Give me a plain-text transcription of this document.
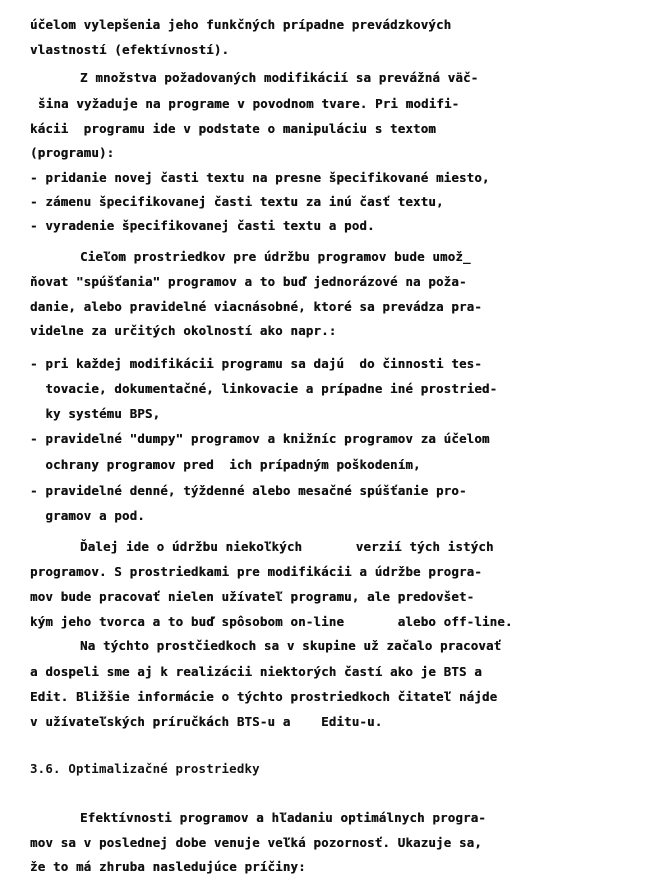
účelom vylepšenia jeho funkčných prípadne prevádzkových
vlastností (efektívností).
Z množstva požadovaných modifikácií sa prevážná väč-
šina vyžaduje na programe v povodnom tvare. Pri modifi-
kácii  programu ide v podstate o manipuláciu s textom
(programu):
- pridanie novej časti textu na presne špecifikované miesto,
- zámenu špecifikovanej časti textu za inú časť textu,
- vyradenie špecifikovanej časti textu a pod.
Cieľom prostriedkov pre údržbu programov bude umož_
ňovat "spúšťania" programov a to buď jednorázové na poža-
danie, alebo pravidelné viacnásobné, ktoré sa prevádza pra-
videlne za určitých okolností ako napr.:
- pri každej modifikácii programu sa dajú  do činnosti tes-
tovacie, dokumentačné, linkovacie a prípadne iné prostried-
ky systému BPS,
- pravidelné "dumpy" programov a knižníc programov za účelom
ochrany programov pred  ich prípadným poškodením,
- pravidelné denné, týždenné alebo mesačné spúšťanie pro-
gramov a pod.
Ďalej ide o údržbu niekoľkých       verzií tých istých
programov. S prostriedkami pre modifikácii a údržbe progra-
mov bude pracovať nielen užívateľ programu, ale predovšet-
kým jeho tvorca a to buď spôsobom on-line       alebo off-line.
Na týchto prostčiedkoch sa v skupine už začalo pracovať
a dospeli sme aj k realizácii niektorých častí ako je BTS a
Edit. Bližšie informácie o týchto prostriedkoch čitateľ nájde
v užívateľských príručkách BTS-u a    Editu-u.
3.6. Optimalizačné prostriedky
Efektívnosti programov a hľadaniu optimálnych progra-
mov sa v poslednej dobe venuje veľká pozornosť. Ukazuje sa,
že to má zhruba nasledujúce príčiny:
